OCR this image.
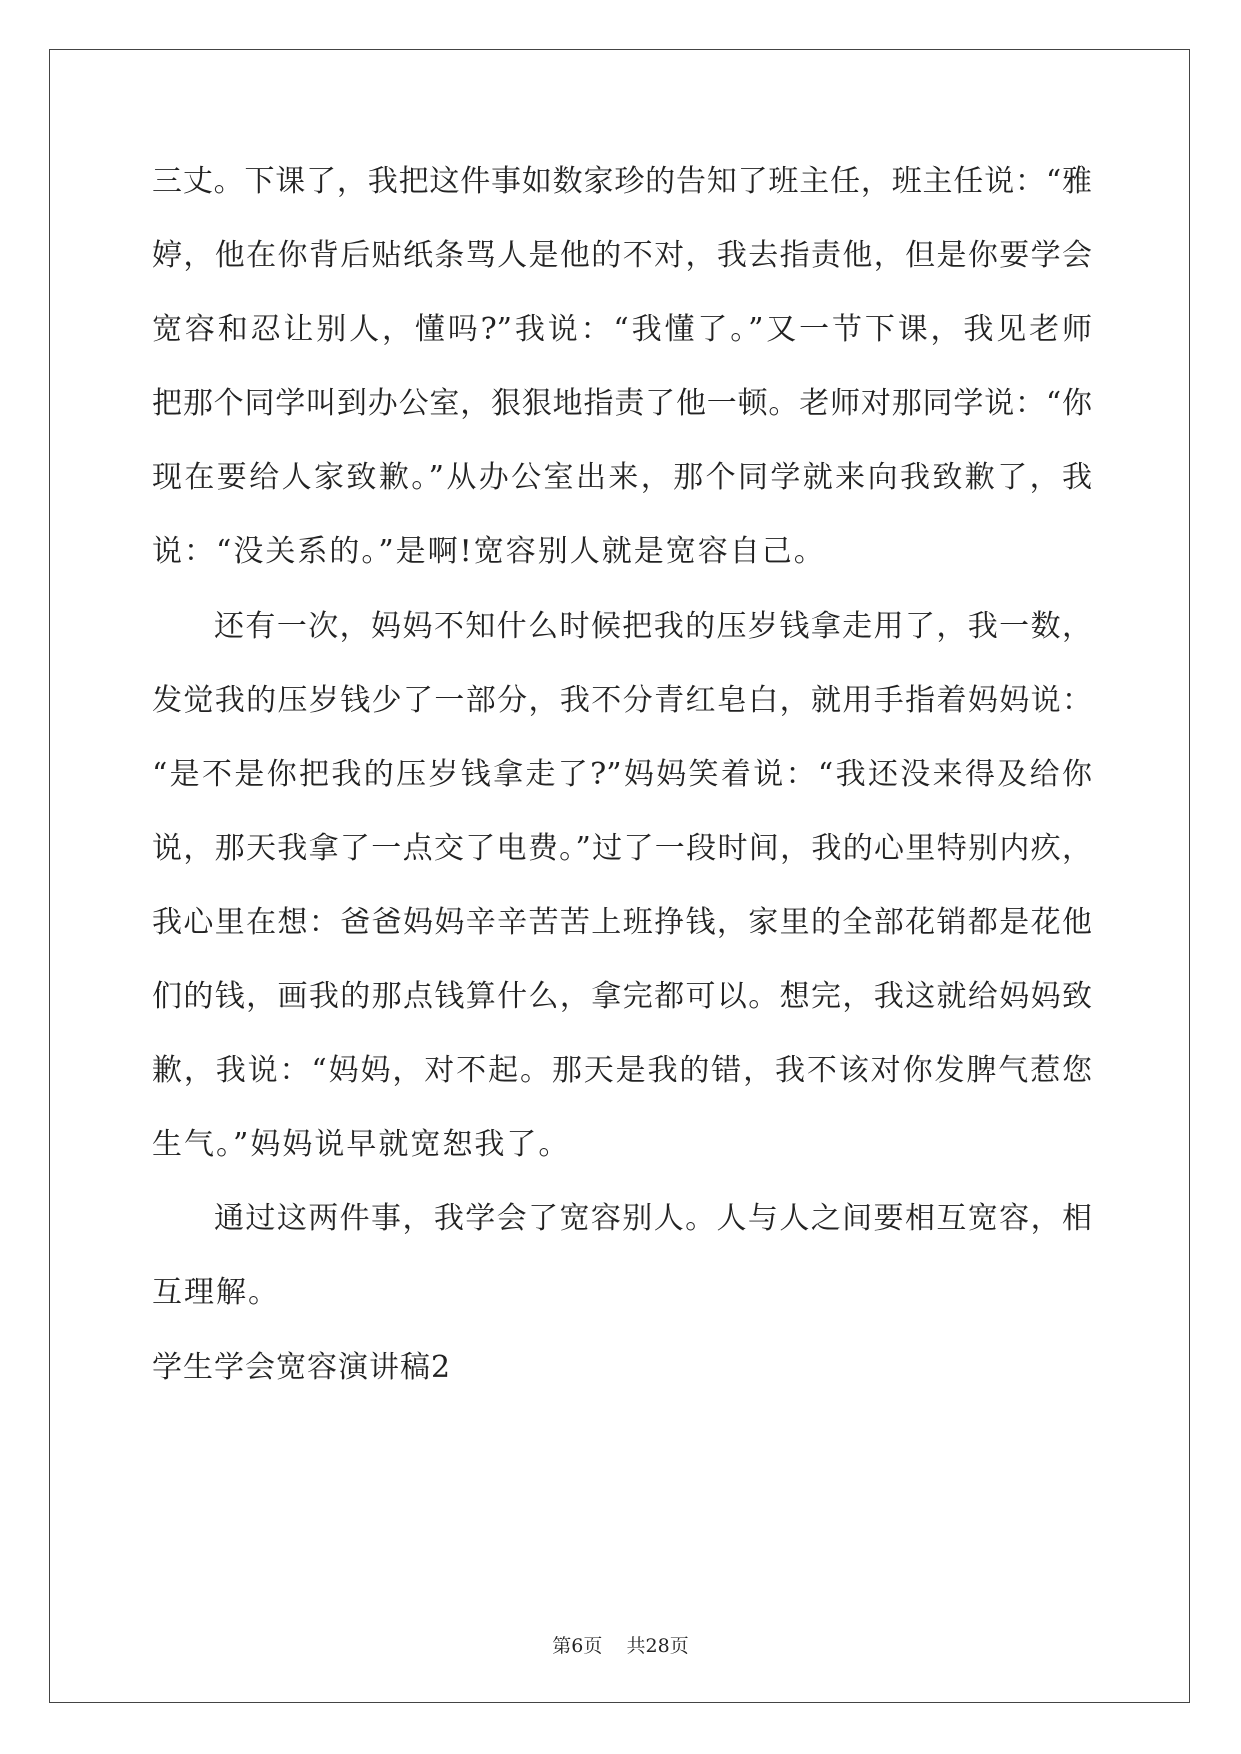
三丈。下课了，我把这件事如数家珍的告知了班主任，班主任说：“雅
婷，他在你背后贴纸条骂人是他的不对，我去指责他，但是你要学会
宽容和忍让别人，懂吗?”我说：“我懂了。”又一节下课，我见老师
把那个同学叫到办公室，狠狠地指责了他一顿。老师对那同学说：“你
现在要给人家致歉。”从办公室出来，那个同学就来向我致歉了，我
说：“没关系的。”是啊!宽容别人就是宽容自己。
还有一次，妈妈不知什么时候把我的压岁钱拿走用了，我一数，
发觉我的压岁钱少了一部分，我不分青红皂白，就用手指着妈妈说：
“是不是你把我的压岁钱拿走了?”妈妈笑着说：“我还没来得及给你
说，那天我拿了一点交了电费。”过了一段时间，我的心里特别内疚，
我心里在想：爸爸妈妈辛辛苦苦上班挣钱，家里的全部花销都是花他
们的钱，画我的那点钱算什么，拿完都可以。想完，我这就给妈妈致
歉，我说：“妈妈，对不起。那天是我的错，我不该对你发脾气惹您
生气。”妈妈说早就宽恕我了。
通过这两件事，我学会了宽容别人。人与人之间要相互宽容，相
互理解。
学生学会宽容演讲稿2
第6页 共28页
